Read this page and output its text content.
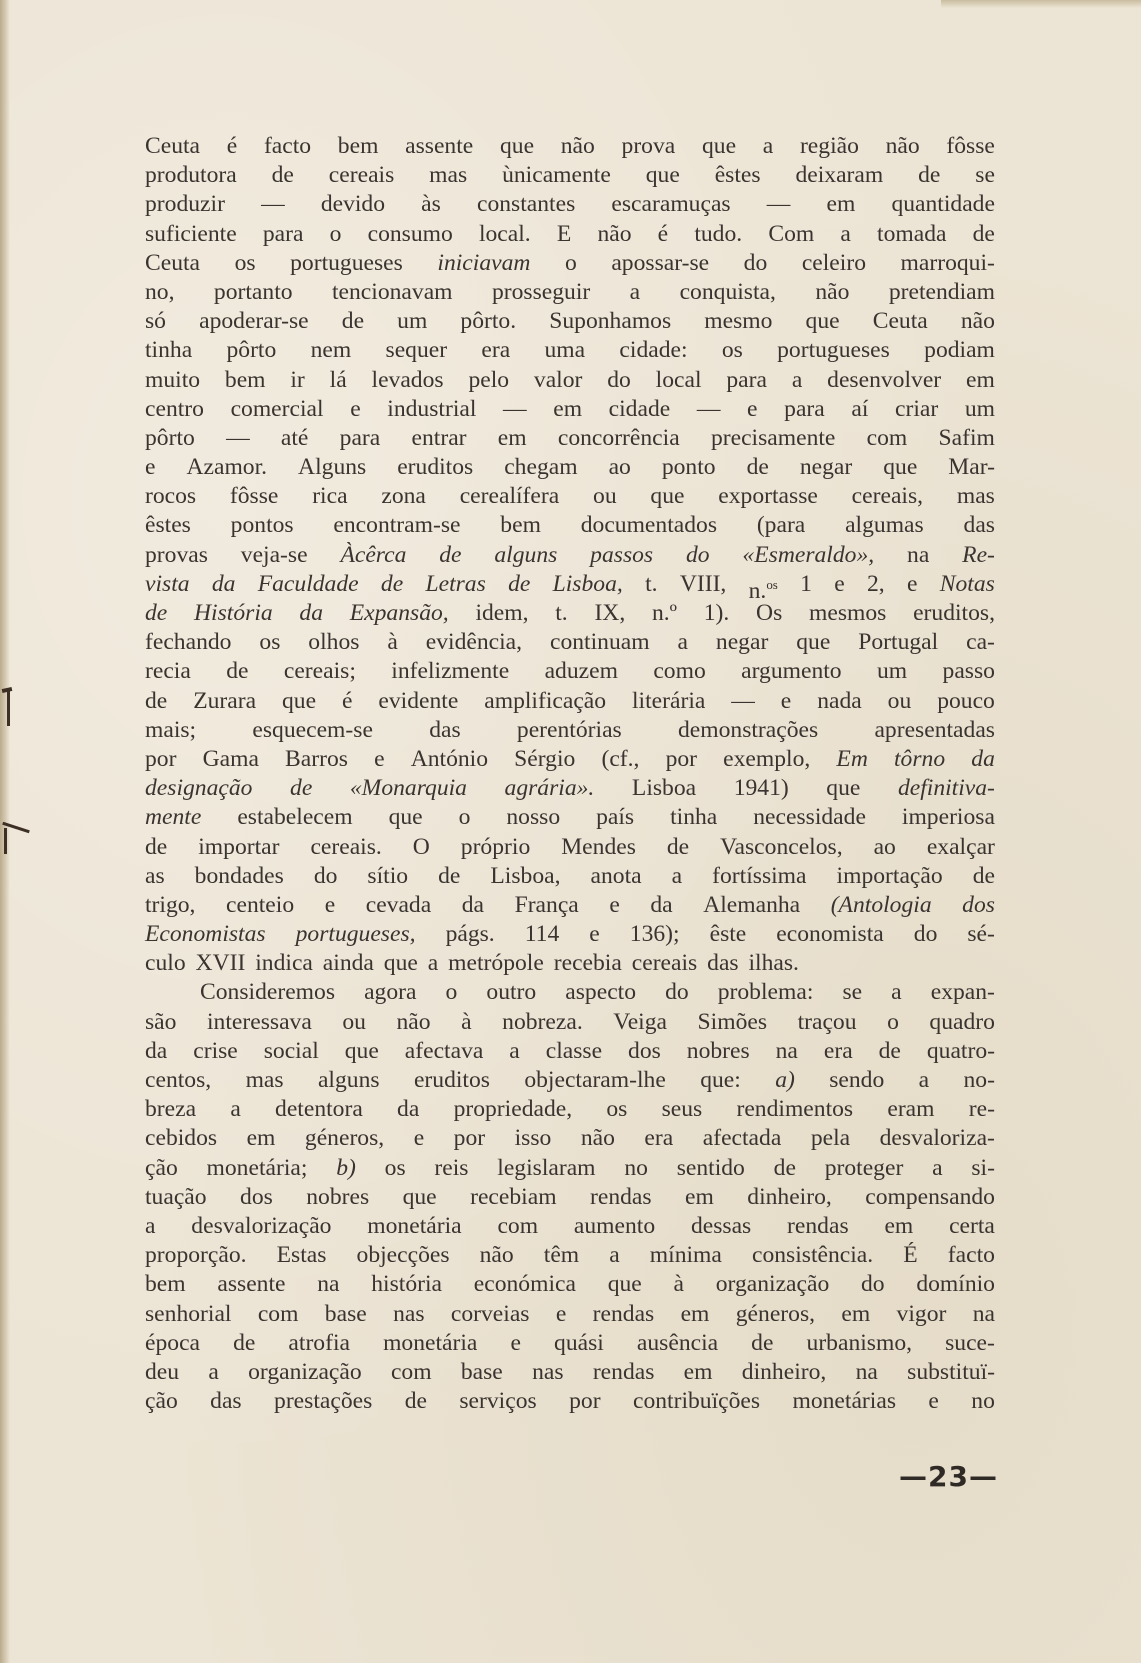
Ceuta é facto bem assente que não prova que a região não fôsse
produtora de cereais mas ùnicamente que êstes deixaram de se
produzir — devido às constantes escaramuças — em quantidade
suficiente para o consumo local. E não é tudo. Com a tomada de
Ceuta os portugueses iniciavam o apossar-se do celeiro marroqui-
no, portanto tencionavam prosseguir a conquista, não pretendiam
só apoderar-se de um pôrto. Suponhamos mesmo que Ceuta não
tinha pôrto nem sequer era uma cidade: os portugueses podiam
muito bem ir lá levados pelo valor do local para a desenvolver em
centro comercial e industrial — em cidade — e para aí criar um
pôrto — até para entrar em concorrência precisamente com Safim
e Azamor. Alguns eruditos chegam ao ponto de negar que Mar-
rocos fôsse rica zona cerealífera ou que exportasse cereais, mas
êstes pontos encontram-se bem documentados (para algumas das
provas veja-se Àcêrca de alguns passos do «Esmeraldo», na Re-
vista da Faculdade de Letras de Lisboa, t. VIII, n.$^{os}$ 1 e 2, e Notas
de História da Expansão, idem, t. IX, n.º 1). Os mesmos eruditos,
fechando os olhos à evidência, continuam a negar que Portugal ca-
recia de cereais; infelizmente aduzem como argumento um passo
de Zurara que é evidente amplificação literária — e nada ou pouco
mais; esquecem-se das perentórias demonstrações apresentadas
por Gama Barros e António Sérgio (cf., por exemplo, Em tôrno da
designação de «Monarquia agrária». Lisboa 1941) que definitiva-
mente estabelecem que o nosso país tinha necessidade imperiosa
de importar cereais. O próprio Mendes de Vasconcelos, ao exalçar
as bondades do sítio de Lisboa, anota a fortíssima importação de
trigo, centeio e cevada da França e da Alemanha (Antologia dos
Economistas portugueses, págs. 114 e 136); êste economista do sé-
culo XVII indica ainda que a metrópole recebia cereais das ilhas.
Consideremos agora o outro aspecto do problema: se a expan-
são interessava ou não à nobreza. Veiga Simões traçou o quadro
da crise social que afectava a classe dos nobres na era de quatro-
centos, mas alguns eruditos objectaram-lhe que: a) sendo a no-
breza a detentora da propriedade, os seus rendimentos eram re-
cebidos em géneros, e por isso não era afectada pela desvaloriza-
ção monetária; b) os reis legislaram no sentido de proteger a si-
tuação dos nobres que recebiam rendas em dinheiro, compensando
a desvalorização monetária com aumento dessas rendas em certa
proporção. Estas objecções não têm a mínima consistência. É facto
bem assente na história económica que à organização do domínio
senhorial com base nas corveias e rendas em géneros, em vigor na
época de atrofia monetária e quási ausência de urbanismo, suce-
deu a organização com base nas rendas em dinheiro, na substituï-
ção das prestações de serviços por contribuïções monetárias e no
—23—
